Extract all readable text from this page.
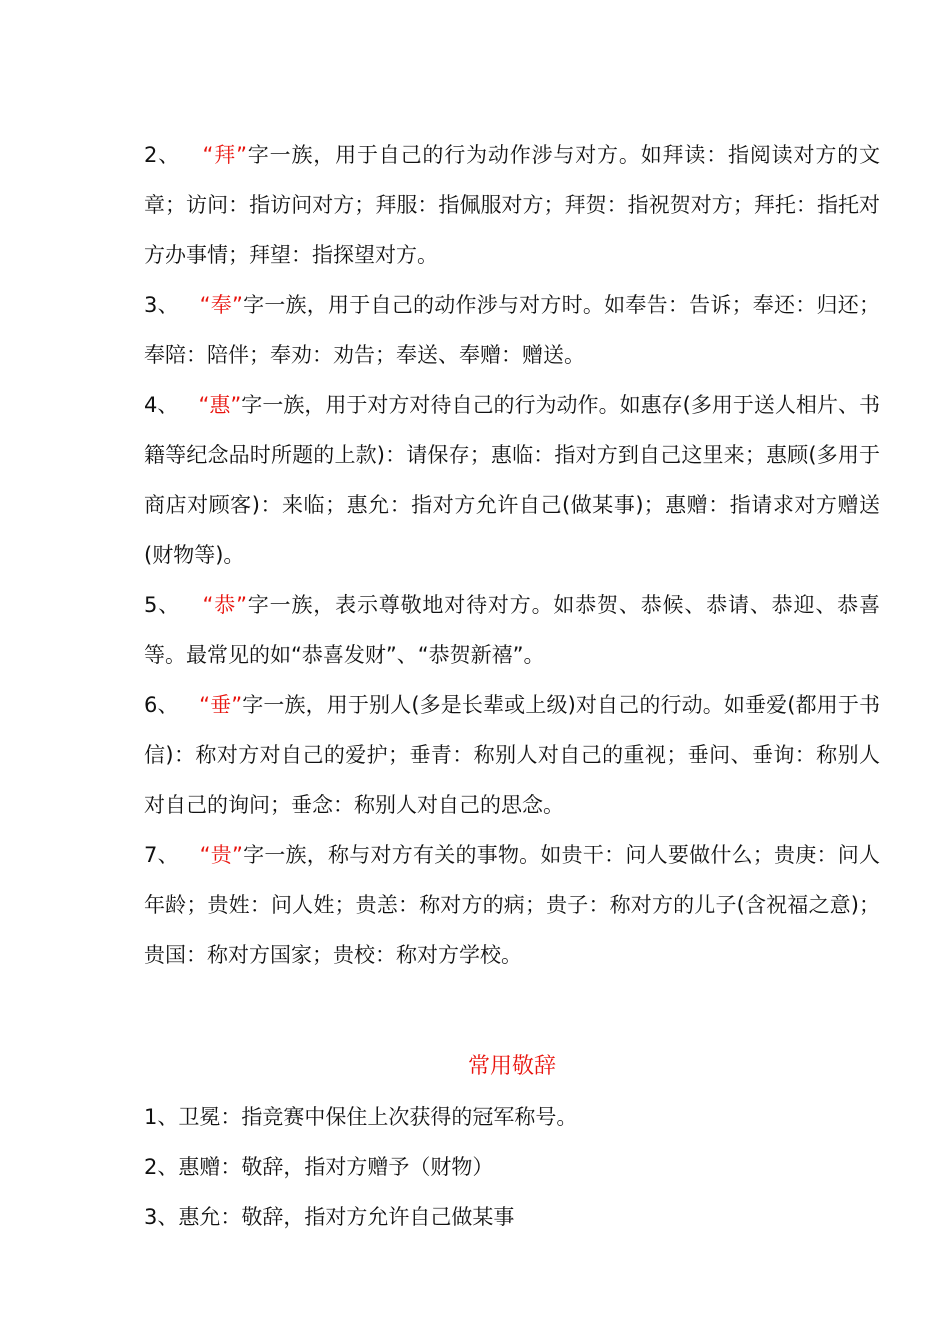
2、 “拜”字一族，用于自己的行为动作涉与对方。如拜读：指阅读对方的文章；访问：指访问对方；拜服：指佩服对方；拜贺：指祝贺对方；拜托：指托对方办事情；拜望：指探望对方。

3、 “奉”字一族，用于自己的动作涉与对方时。如奉告：告诉；奉还：归还；奉陪：陪伴；奉劝：劝告；奉送、奉赠：赠送。

4、 “惠”字一族，用于对方对待自己的行为动作。如惠存(多用于送人相片、书籍等纪念品时所题的上款)：请保存；惠临：指对方到自己这里来；惠顾(多用于商店对顾客)：来临；惠允：指对方允许自己(做某事)；惠赠：指请求对方赠送(财物等)。

5、 “恭”字一族，表示尊敬地对待对方。如恭贺、恭候、恭请、恭迎、恭喜等。最常见的如“恭喜发财”、“恭贺新禧”。

6、 “垂”字一族，用于别人(多是长辈或上级)对自己的行动。如垂爱(都用于书信)：称对方对自己的爱护；垂青：称别人对自己的重视；垂问、垂询：称别人对自己的询问；垂念：称别人对自己的思念。

7、 “贵”字一族，称与对方有关的事物。如贵干：问人要做什么；贵庚：问人年龄；贵姓：问人姓；贵恙：称对方的病；贵子：称对方的儿子(含祝福之意)；贵国：称对方国家；贵校：称对方学校。

常用敬辞

1、卫冕：指竞赛中保住上次获得的冠军称号。

2、惠赠：敬辞，指对方赠予（财物）

3、惠允：敬辞，指对方允许自己做某事
